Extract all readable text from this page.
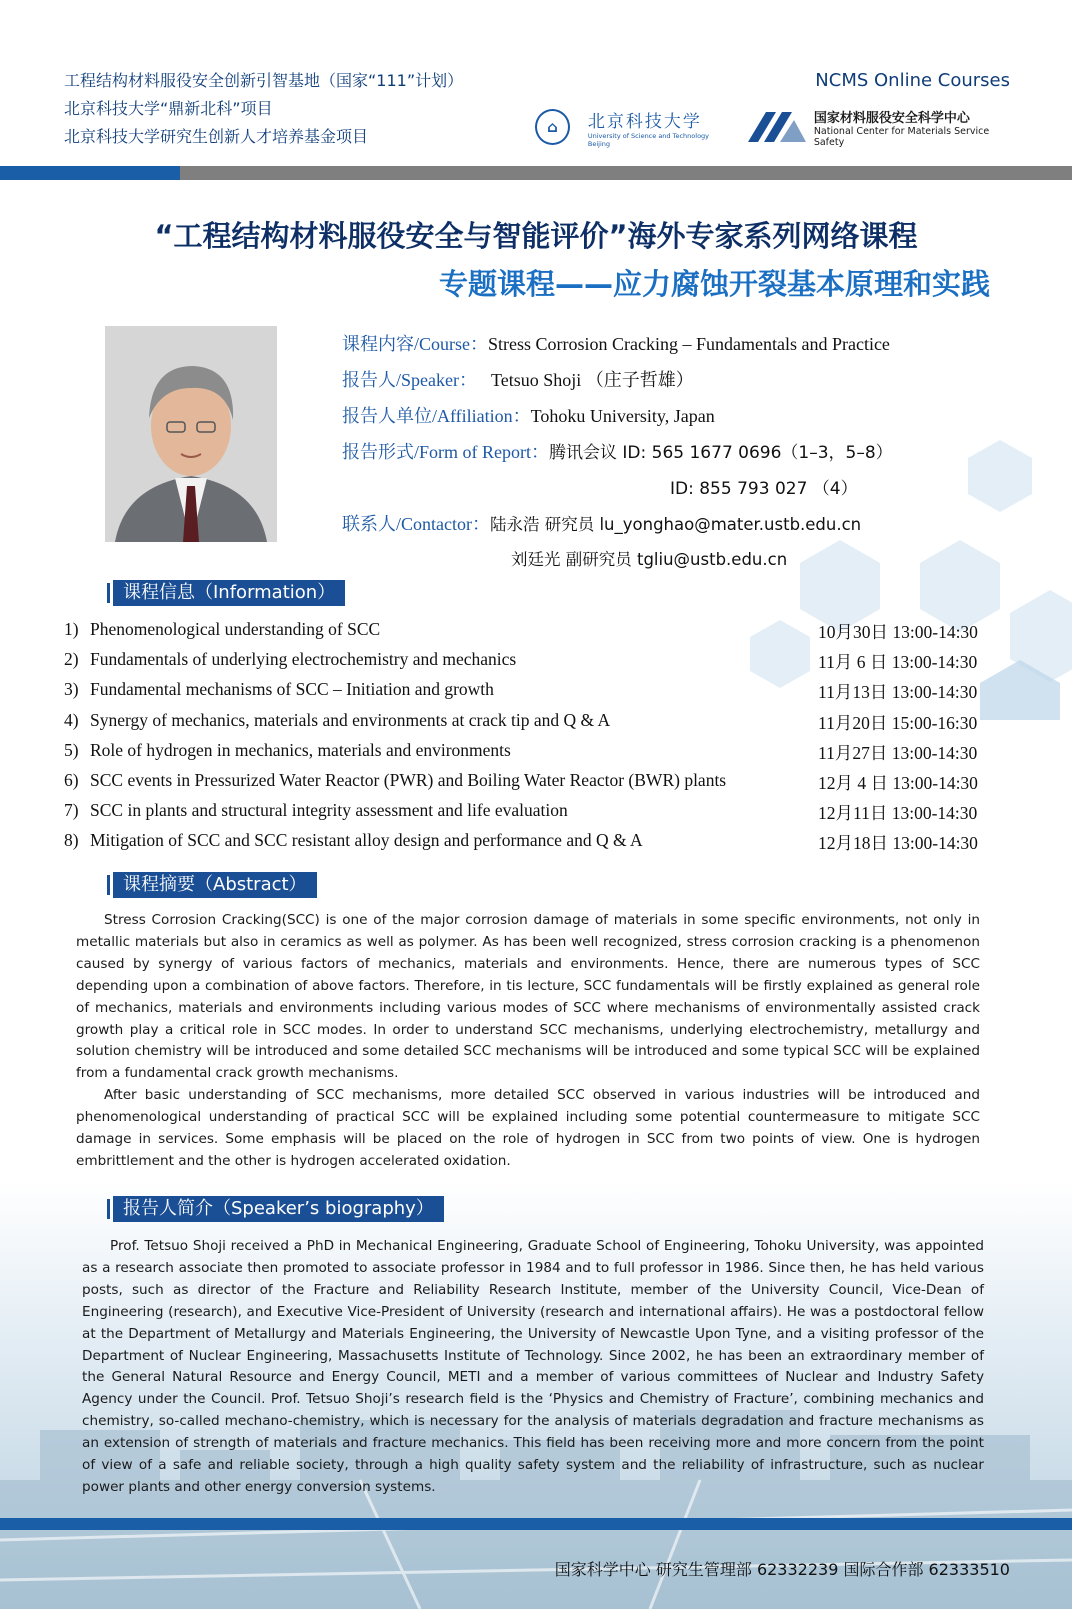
工程结构材料服役安全创新引智基地（国家“111”计划）
北京科技大学“鼎新北科”项目
北京科技大学研究生创新人才培养基金项目
NCMS Online Courses
⌂	北京科技大学
University of Science and Technology Beijing
国家材料服役安全科学中心
National Center for Materials Service Safety
“工程结构材料服役安全与智能评价”海外专家系列网络课程
专题课程——应力腐蚀开裂基本原理和实践
课程内容/Course：Stress Corrosion Cracking – Fundamentals and Practice
报告人/Speaker： Tetsuo Shoji （庄子哲雄）
报告人单位/Affiliation：Tohoku University, Japan
报告形式/Form of Report：腾讯会议 ID: 565 1677 0696（1–3，5–8）
ID: 855 793 027 （4）
联系人/Contactor：陆永浩 研究员 lu_yonghao@mater.ustb.edu.cn
刘廷光 副研究员 tgliu@ustb.edu.cn
课程信息（Information）
1) Phenomenological understanding of SCC	10月30日 13:00-14:30
2) Fundamentals of underlying electrochemistry and mechanics	11月 6 日 13:00-14:30
3) Fundamental mechanisms of SCC – Initiation and growth	11月13日 13:00-14:30
4) Synergy of mechanics, materials and environments at crack tip and Q & A	11月20日 15:00-16:30
5) Role of hydrogen in mechanics, materials and environments	11月27日 13:00-14:30
6) SCC events in Pressurized Water Reactor (PWR) and Boiling Water Reactor (BWR) plants	12月 4 日 13:00-14:30
7) SCC in plants and structural integrity assessment and life evaluation	12月11日 13:00-14:30
8) Mitigation of SCC and SCC resistant alloy design and performance and Q & A	12月18日 13:00-14:30
课程摘要（Abstract）

Stress Corrosion Cracking(SCC) is one of the major corrosion damage of materials in some specific environments, not only in metallic materials but also in ceramics as well as polymer. As has been well recognized, stress corrosion cracking is a phenomenon caused by synergy of various factors of mechanics, materials and environments. Hence, there are numerous types of SCC depending upon a combination of above factors. Therefore, in tis lecture, SCC fundamentals will be firstly explained as general role of mechanics, materials and environments including various modes of SCC where mechanisms of environmentally assisted crack growth play a critical role in SCC modes. In order to understand SCC mechanisms, underlying electrochemistry, metallurgy and solution chemistry will be introduced and some detailed SCC mechanisms will be introduced and some typical SCC will be explained from a fundamental crack growth mechanisms.

After basic understanding of SCC mechanisms, more detailed SCC observed in various industries will be introduced and phenomenological understanding of practical SCC will be explained including some potential countermeasure to mitigate SCC damage in services. Some emphasis will be placed on the role of hydrogen in SCC from two points of view. One is hydrogen embrittlement and the other is hydrogen accelerated oxidation.

报告人简介（Speaker’s biography）

Prof. Tetsuo Shoji received a PhD in Mechanical Engineering, Graduate School of Engineering, Tohoku University, was appointed as a research associate then promoted to associate professor in 1984 and to full professor in 1986. Since then, he has held various posts, such as director of the Fracture and Reliability Research Institute, member of the University Council, Vice-Dean of Engineering (research), and Executive Vice-President of University (research and international affairs). He was a postdoctoral fellow at the Department of Metallurgy and Materials Engineering, the University of Newcastle Upon Tyne, and a visiting professor of the Department of Nuclear Engineering, Massachusetts Institute of Technology. Since 2002, he has been an extraordinary member of the General Natural Resource and Energy Council, METI and a member of various committees of Nuclear and Industry Safety Agency under the Council. Prof. Tetsuo Shoji’s research field is the ‘Physics and Chemistry of Fracture’, combining mechanics and chemistry, so-called mechano-chemistry, which is necessary for the analysis of materials degradation and fracture mechanisms as an extension of strength of materials and fracture mechanics. This field has been receiving more and more concern from the point of view of a safe and reliable society, through a high quality safety system and the reliability of infrastructure, such as nuclear power plants and other energy conversion systems.

国家科学中心 研究生管理部 62332239 国际合作部 62333510
